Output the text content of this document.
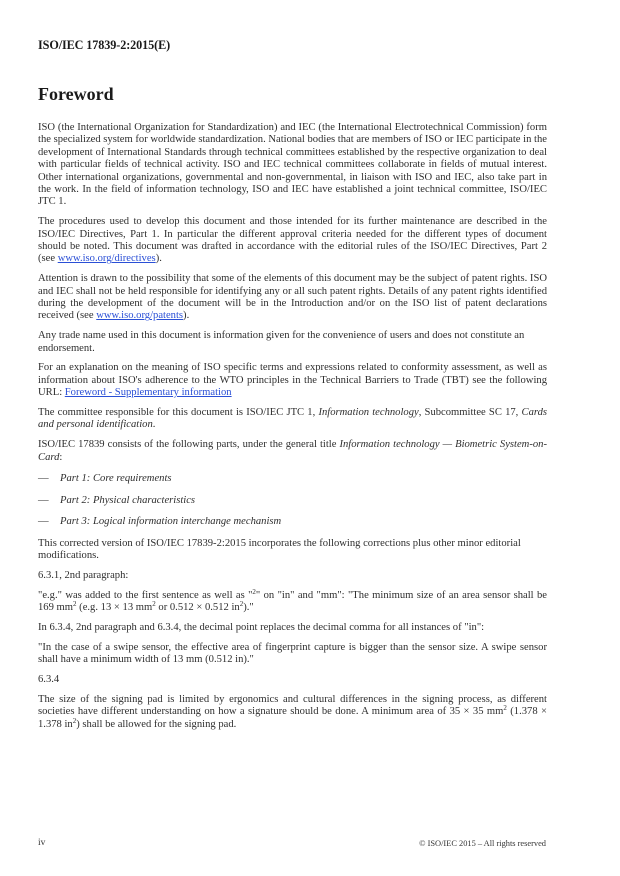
ISO/IEC 17839-2:2015(E)
Foreword

ISO (the International Organization for Standardization) and IEC (the International Electrotechnical Commission) form the specialized system for worldwide standardization. National bodies that are members of ISO or IEC participate in the development of International Standards through technical committees established by the respective organization to deal with particular fields of technical activity. ISO and IEC technical committees collaborate in fields of mutual interest. Other international organizations, governmental and non-governmental, in liaison with ISO and IEC, also take part in the work. In the field of information technology, ISO and IEC have established a joint technical committee, ISO/IEC JTC 1.

The procedures used to develop this document and those intended for its further maintenance are described in the ISO/IEC Directives, Part 1. In particular the different approval criteria needed for the different types of document should be noted. This document was drafted in accordance with the editorial rules of the ISO/IEC Directives, Part 2 (see www.iso.org/directives).

Attention is drawn to the possibility that some of the elements of this document may be the subject of patent rights. ISO and IEC shall not be held responsible for identifying any or all such patent rights. Details of any patent rights identified during the development of the document will be in the Introduction and/or on the ISO list of patent declarations received (see www.iso.org/patents).

Any trade name used in this document is information given for the convenience of users and does not constitute an endorsement.

For an explanation on the meaning of ISO specific terms and expressions related to conformity assessment, as well as information about ISO's adherence to the WTO principles in the Technical Barriers to Trade (TBT) see the following URL: Foreword - Supplementary information

The committee responsible for this document is ISO/IEC JTC 1, Information technology, Subcommittee SC 17, Cards and personal identification.

ISO/IEC 17839 consists of the following parts, under the general title Information technology — Biometric System-on-Card:

—	Part 1: Core requirements
—	Part 2: Physical characteristics
—	Part 3: Logical information interchange mechanism

This corrected version of ISO/IEC 17839-2:2015 incorporates the following corrections plus other minor editorial modifications.

6.3.1, 2nd paragraph:

"e.g." was added to the first sentence as well as "$^2$" on "in" and "mm": "The minimum size of an area sensor shall be 169 $mm^2$ (e.g. 13 × 13 $mm^2$ or 0.512 × 0.512 $in^2$)."

In 6.3.4, 2nd paragraph and 6.3.4, the decimal point replaces the decimal comma for all instances of "in":

"In the case of a swipe sensor, the effective area of fingerprint capture is bigger than the sensor size. A swipe sensor shall have a minimum width of 13 mm (0.512 in)."

6.3.4

The size of the signing pad is limited by ergonomics and cultural differences in the signing process, as different societies have different understanding on how a signature should be done. A minimum area of 35 × 35 $mm^2$ (1.378 × 1.378 $in^2$) shall be allowed for the signing pad.

iv	© ISO/IEC 2015 – All rights reserved
